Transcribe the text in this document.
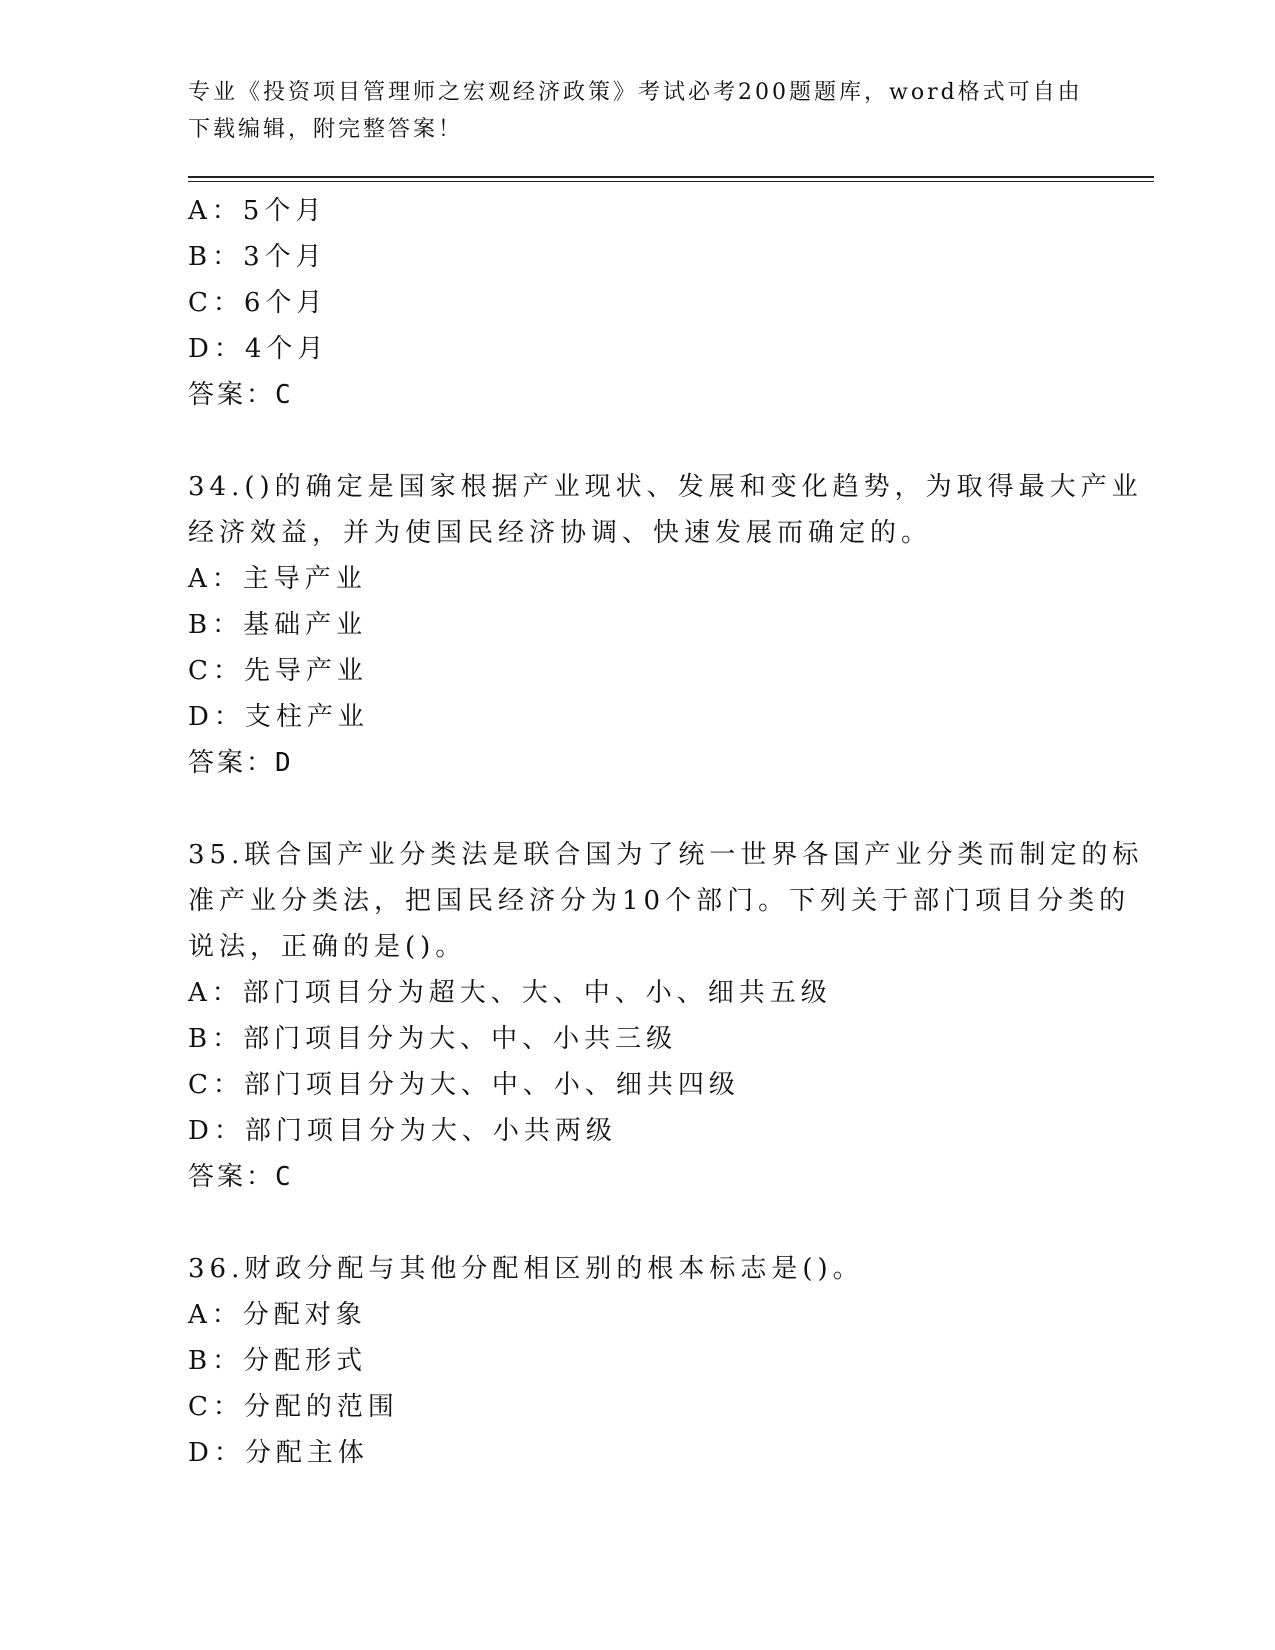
专业《投资项目管理师之宏观经济政策》考试必考200题题库，word格式可自由
下载编辑，附完整答案！
A：5个月
B：3个月
C：6个月
D：4个月
答案：C
34.()的确定是国家根据产业现状、发展和变化趋势，为取得最大产业
经济效益，并为使国民经济协调、快速发展而确定的。
A：主导产业
B：基础产业
C：先导产业
D：支柱产业
答案：D
35.联合国产业分类法是联合国为了统一世界各国产业分类而制定的标
准产业分类法，把国民经济分为10个部门。下列关于部门项目分类的
说法，正确的是()。
A：部门项目分为超大、大、中、小、细共五级
B：部门项目分为大、中、小共三级
C：部门项目分为大、中、小、细共四级
D：部门项目分为大、小共两级
答案：C
36.财政分配与其他分配相区别的根本标志是()。
A：分配对象
B：分配形式
C：分配的范围
D：分配主体
